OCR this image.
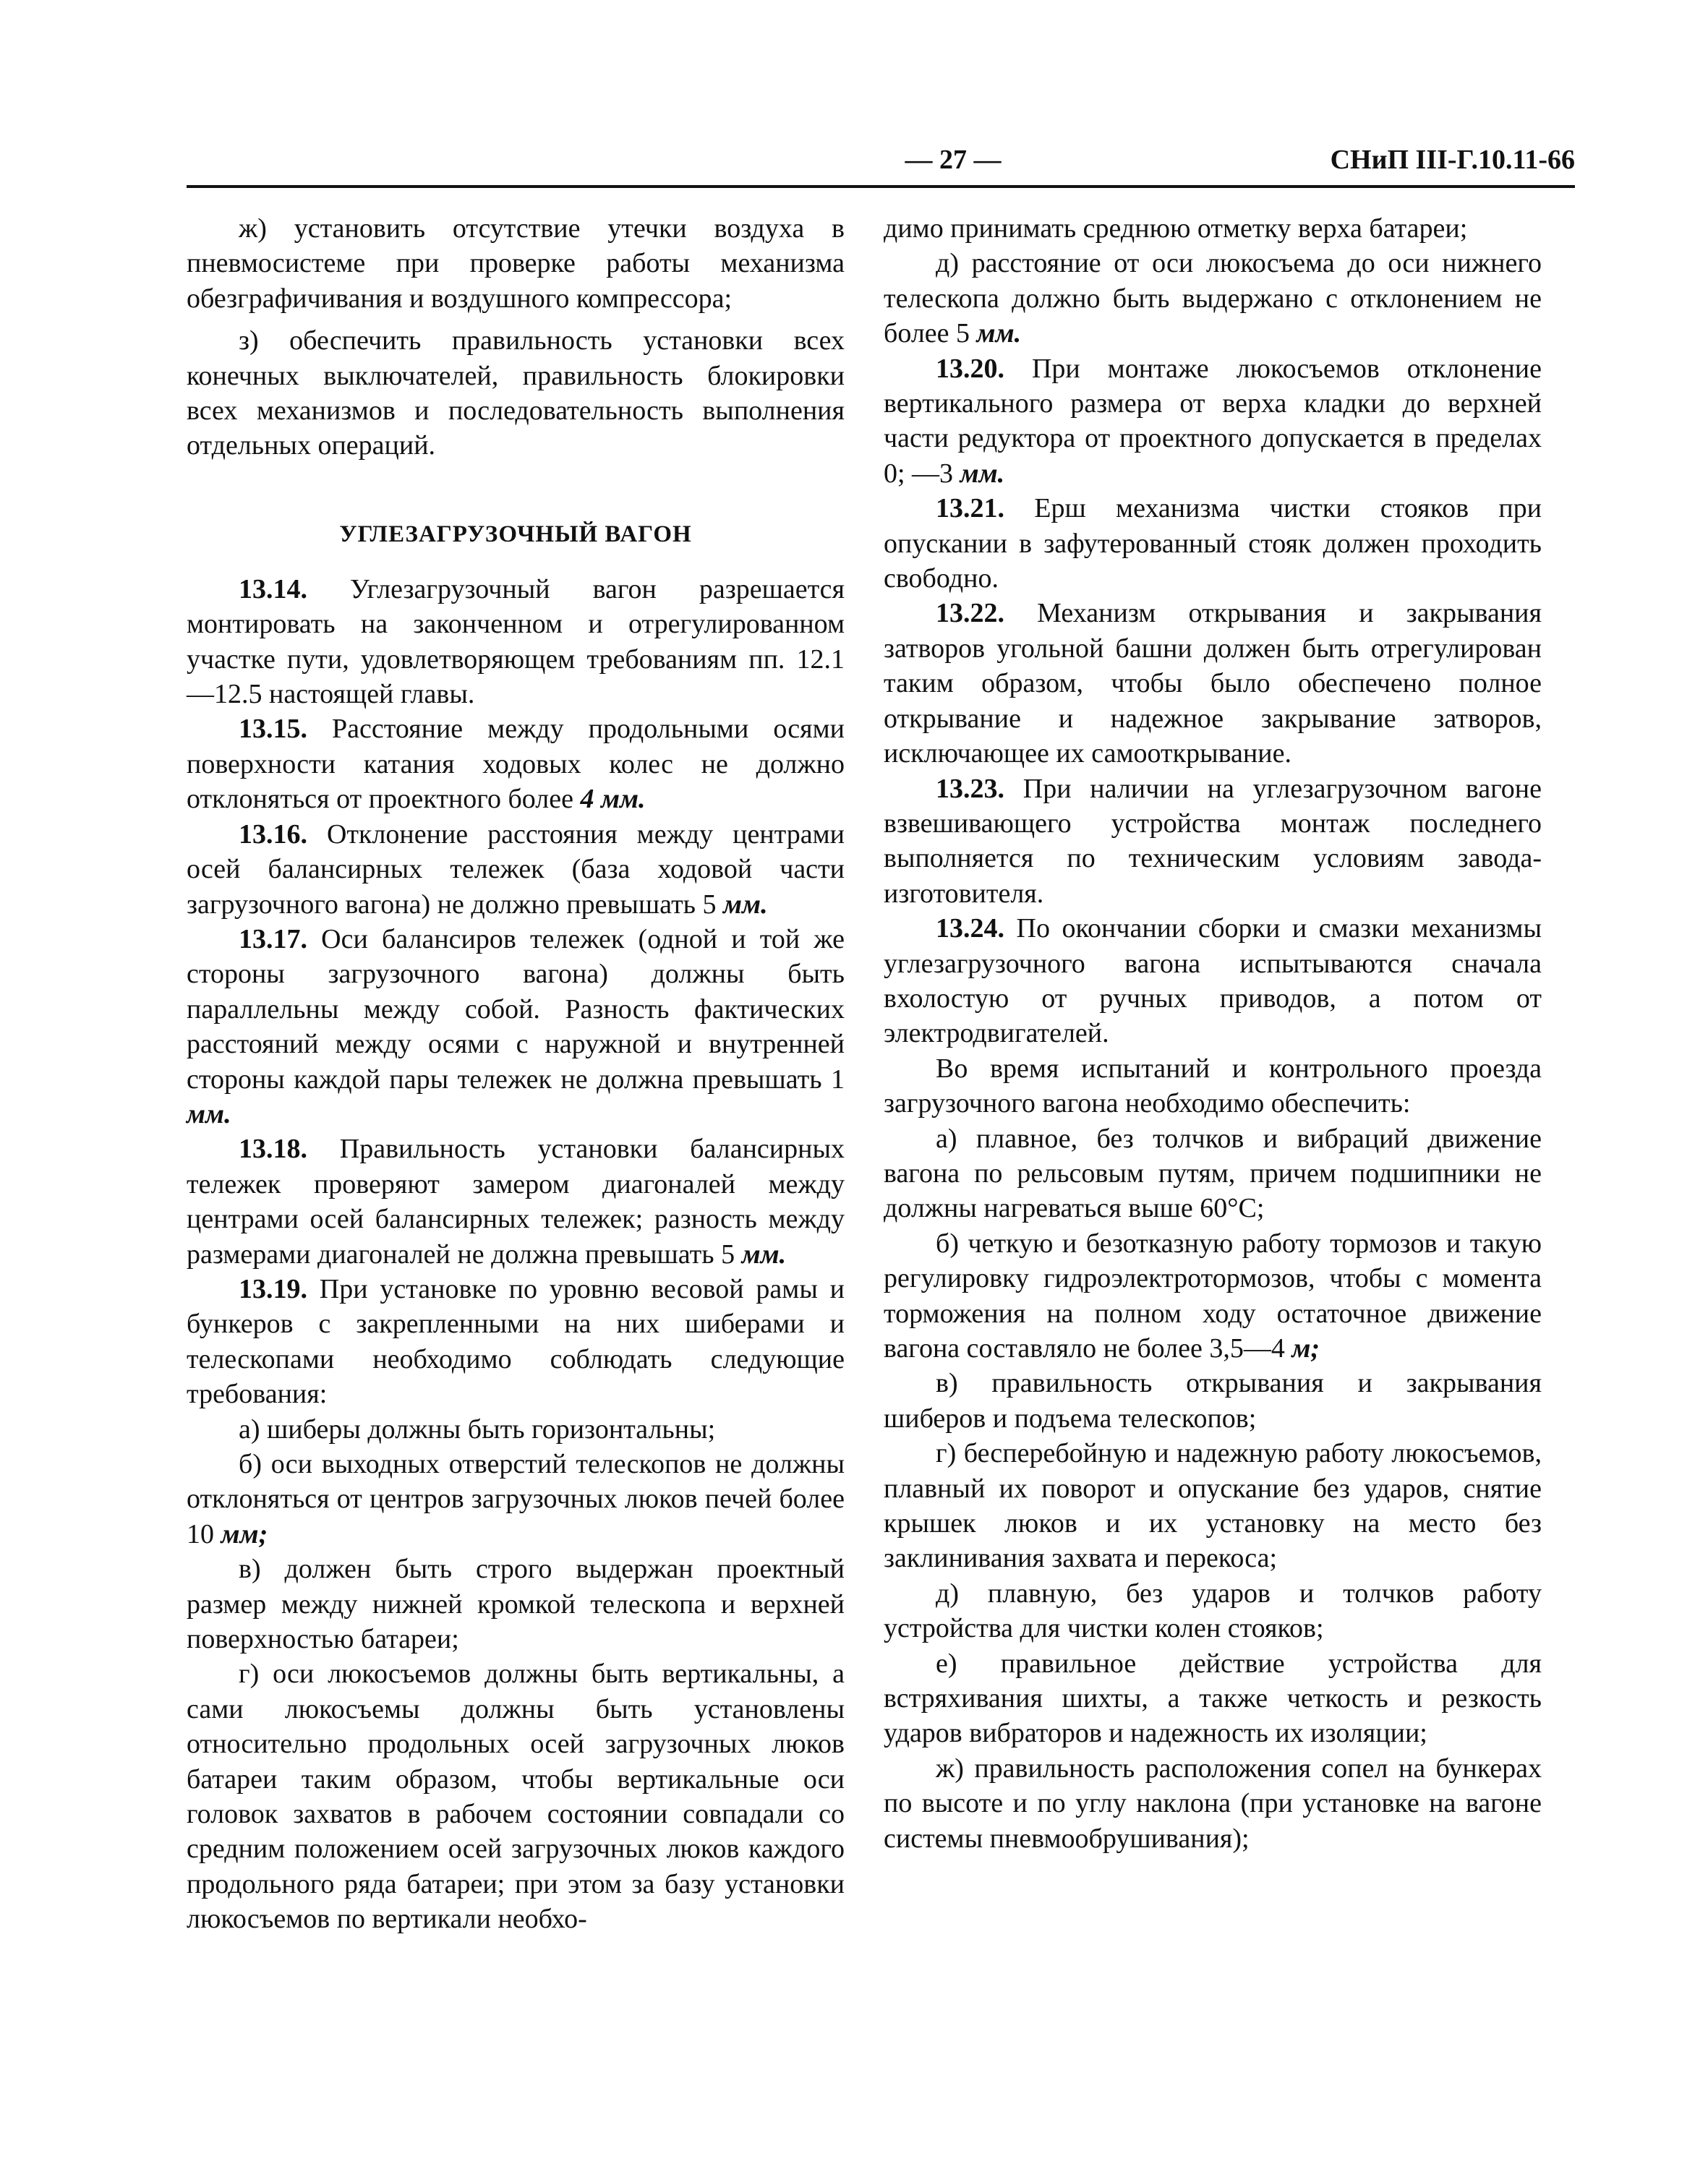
— 27 —	СНиП III-Г.10.11-66

ж) установить отсутствие утечки воздуха в пневмосистеме при проверке работы механизма обезграфичивания и воздушного компрессора;

з) обеспечить правильность установки всех конечных выключателей, правильность блокировки всех механизмов и последовательность выполнения отдельных операций.

УГЛЕЗАГРУЗОЧНЫЙ ВАГОН

13.14. Углезагрузочный вагон разрешается монтировать на законченном и отрегулированном участке пути, удовлетворяющем требованиям пп. 12.1—12.5 настоящей главы.

13.15. Расстояние между продольными осями поверхности катания ходовых колес не должно отклоняться от проектного более 4 мм.

13.16. Отклонение расстояния между центрами осей балансирных тележек (база ходовой части загрузочного вагона) не должно превышать 5 мм.

13.17. Оси балансиров тележек (одной и той же стороны загрузочного вагона) должны быть параллельны между собой. Разность фактических расстояний между осями с наружной и внутренней стороны каждой пары тележек не должна превышать 1 мм.

13.18. Правильность установки балансирных тележек проверяют замером диагоналей между центрами осей балансирных тележек; разность между размерами диагоналей не должна превышать 5 мм.

13.19. При установке по уровню весовой рамы и бункеров с закрепленными на них шиберами и телескопами необходимо соблюдать следующие требования:

а) шиберы должны быть горизонтальны;

б) оси выходных отверстий телескопов не должны отклоняться от центров загрузочных люков печей более 10 мм;

в) должен быть строго выдержан проектный размер между нижней кромкой телескопа и верхней поверхностью батареи;

г) оси люкосъемов должны быть вертикальны, а сами люкосъемы должны быть установлены относительно продольных осей загрузочных люков батареи таким образом, чтобы вертикальные оси головок захватов в рабочем состоянии совпадали со средним положением осей загрузочных люков каждого продольного ряда батареи; при этом за базу установки люкосъемов по вертикали необхо-

димо принимать среднюю отметку верха батареи;

д) расстояние от оси люкосъема до оси нижнего телескопа должно быть выдержано с отклонением не более 5 мм.

13.20. При монтаже люкосъемов отклонение вертикального размера от верха кладки до верхней части редуктора от проектного допускается в пределах 0; —3 мм.

13.21. Ерш механизма чистки стояков при опускании в зафутерованный стояк должен проходить свободно.

13.22. Механизм открывания и закрывания затворов угольной башни должен быть отрегулирован таким образом, чтобы было обеспечено полное открывание и надежное закрывание затворов, исключающее их самооткрывание.

13.23. При наличии на углезагрузочном вагоне взвешивающего устройства монтаж последнего выполняется по техническим условиям завода-изготовителя.

13.24. По окончании сборки и смазки механизмы углезагрузочного вагона испытываются сначала вхолостую от ручных приводов, а потом от электродвигателей.

Во время испытаний и контрольного проезда загрузочного вагона необходимо обеспечить:

а) плавное, без толчков и вибраций движение вагона по рельсовым путям, причем подшипники не должны нагреваться выше 60°С;

б) четкую и безотказную работу тормозов и такую регулировку гидроэлектротормозов, чтобы с момента торможения на полном ходу остаточное движение вагона составляло не более 3,5—4 м;

в) правильность открывания и закрывания шиберов и подъема телескопов;

г) бесперебойную и надежную работу люкосъемов, плавный их поворот и опускание без ударов, снятие крышек люков и их установку на место без заклинивания захвата и перекоса;

д) плавную, без ударов и толчков работу устройства для чистки колен стояков;

е) правильное действие устройства для встряхивания шихты, а также четкость и резкость ударов вибраторов и надежность их изоляции;

ж) правильность расположения сопел на бункерах по высоте и по углу наклона (при установке на вагоне системы пневмообрушивания);
